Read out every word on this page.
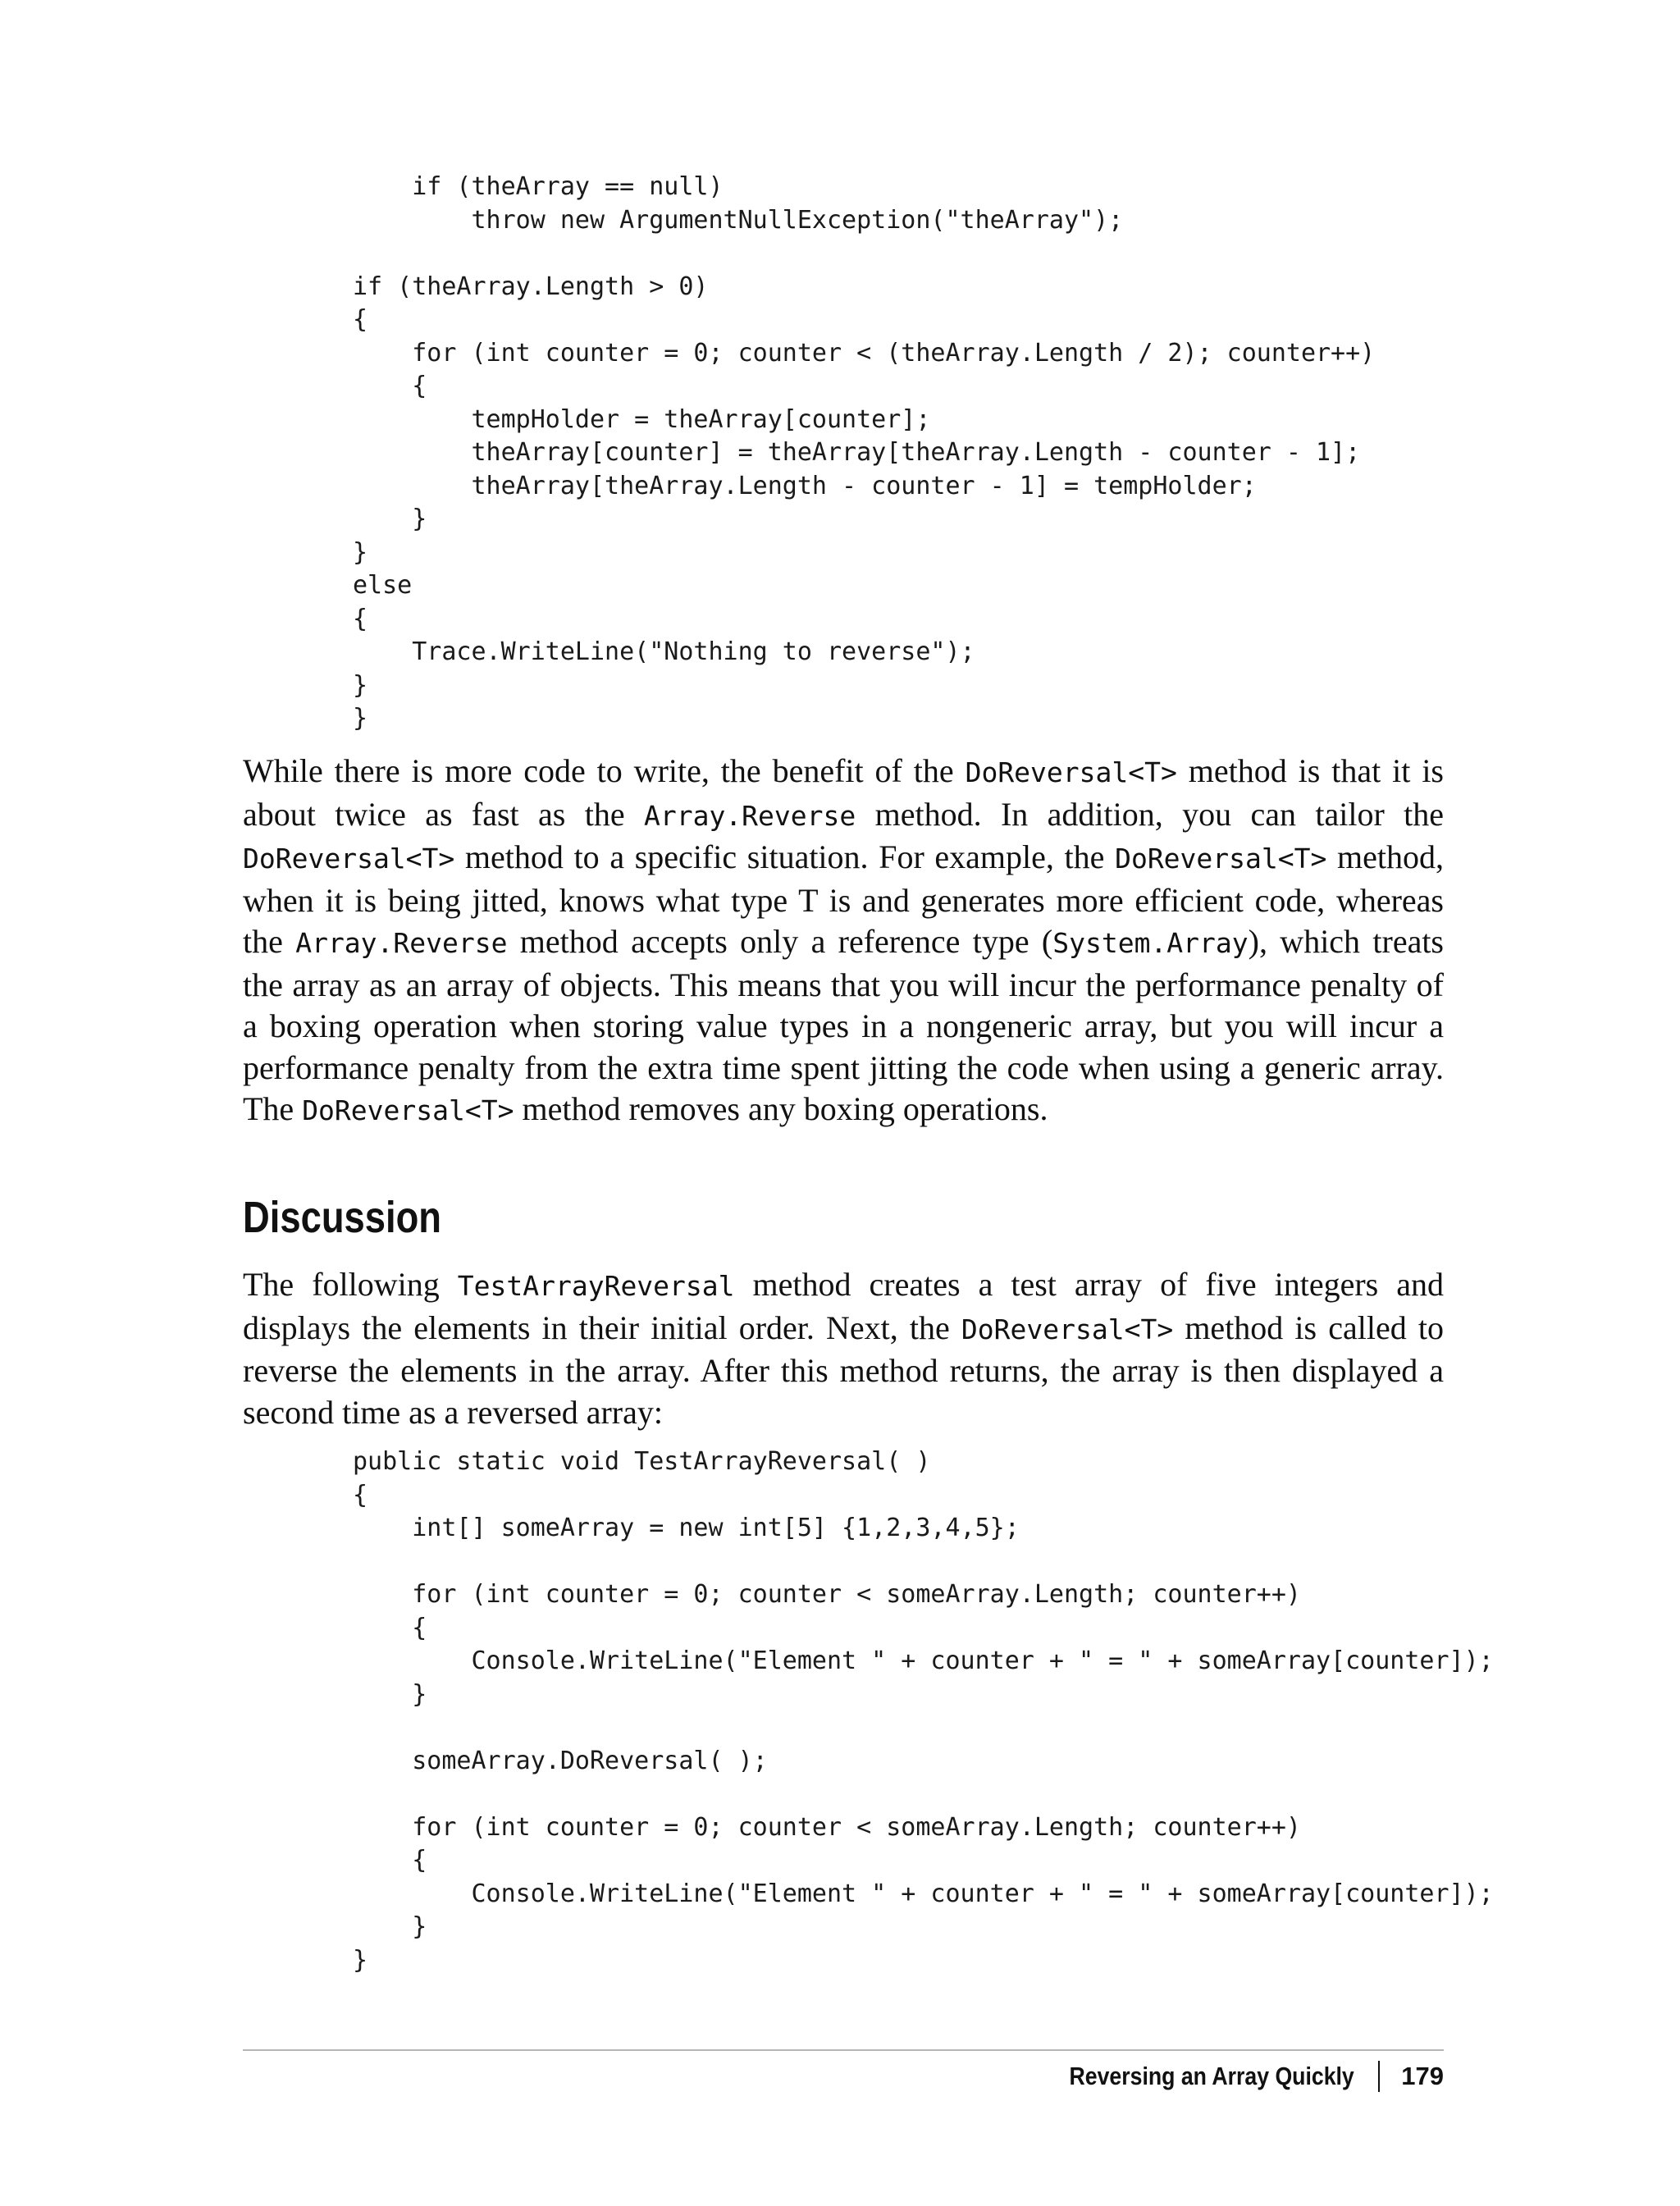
if (theArray == null)
throw new ArgumentNullException("theArray");

if (theArray.Length > 0)
{
for (int counter = 0; counter < (theArray.Length / 2); counter++)
{
tempHolder = theArray[counter];
theArray[counter] = theArray[theArray.Length - counter - 1];
theArray[theArray.Length - counter - 1] = tempHolder;
}
}
else
{
Trace.WriteLine("Nothing to reverse");
}
}

While there is more code to write, the benefit of the DoReversal<T> method is that it is about twice as fast as the Array.Reverse method. In addition, you can tailor the DoReversal<T> method to a specific situation. For example, the DoReversal<T> method, when it is being jitted, knows what type T is and generates more efficient code, whereas the Array.Reverse method accepts only a reference type (System.​Array), which treats the array as an array of objects. This means that you will incur the performance penalty of a boxing operation when storing value types in a nongeneric array, but you will incur a performance penalty from the extra time spent jitting the code when using a generic array. The DoReversal<T> method removes any boxing operations.

Discussion

The following TestArrayReversal method creates a test array of five integers and displays the elements in their initial order. Next, the DoReversal<T> method is called to reverse the elements in the array. After this method returns, the array is then displayed a second time as a reversed array:

public static void TestArrayReversal( )
{
int[] someArray = new int[5] {1,2,3,4,5};

for (int counter = 0; counter < someArray.Length; counter++)
{
Console.WriteLine("Element " + counter + " = " + someArray[counter]);
}

someArray.DoReversal( );

for (int counter = 0; counter < someArray.Length; counter++)
{
Console.WriteLine("Element " + counter + " = " + someArray[counter]);
}
}
Reversing an Array Quickly 179
